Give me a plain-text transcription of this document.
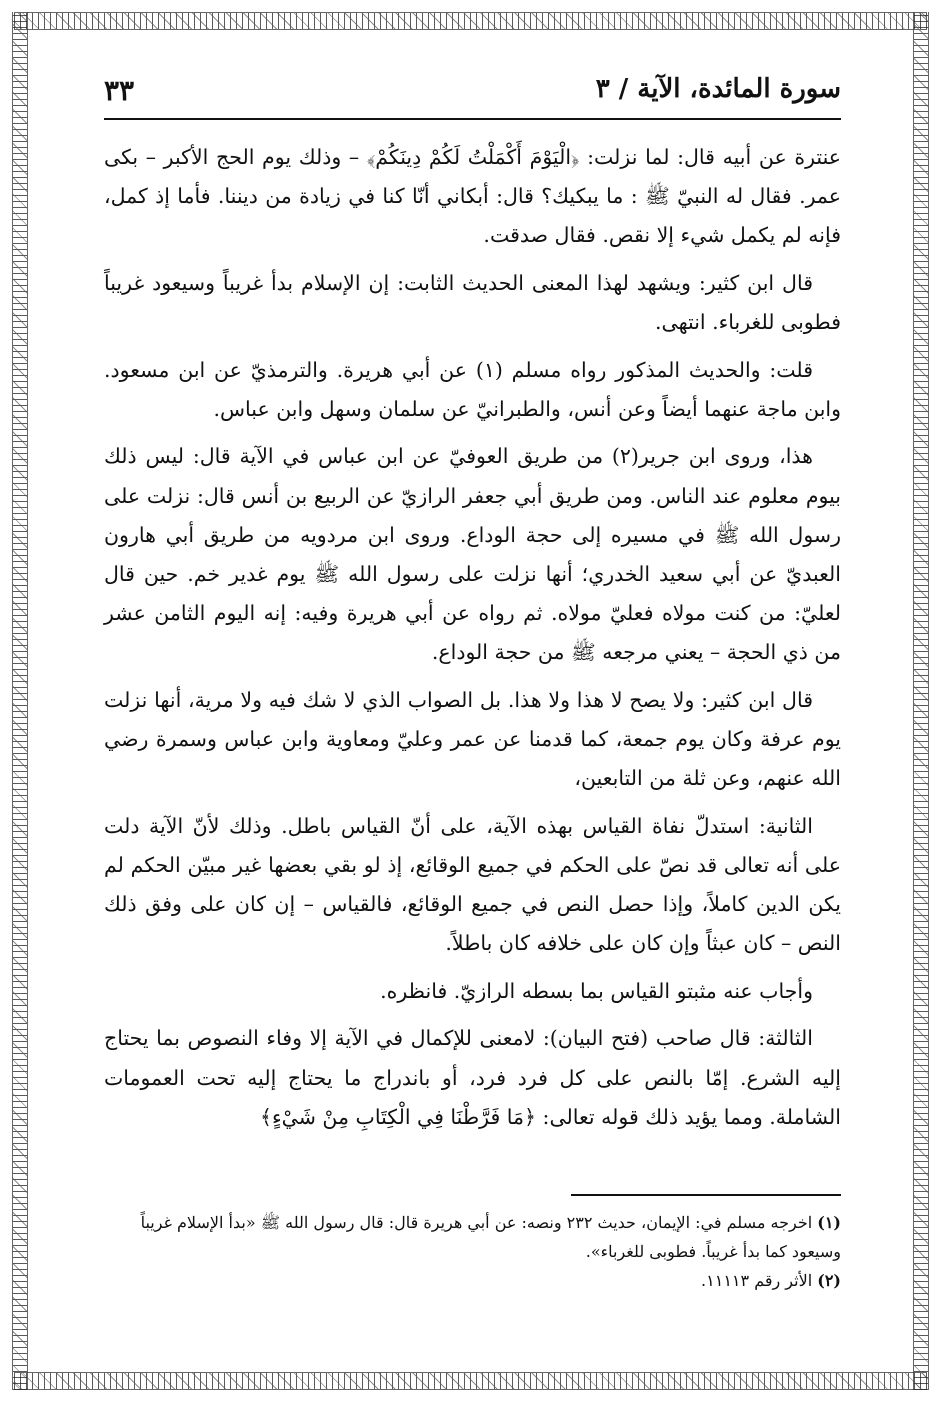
سورة المائدة، الآية / ٣
٣٣

عنترة عن أبيه قال: لما نزلت: ﴿الْيَوْمَ أَكْمَلْتُ لَكُمْ دِينَكُمْ﴾ – وذلك يوم الحج الأكبر – بكى عمر. فقال له النبيّ ﷺ : ما يبكيك؟ قال: أبكاني أنّا كنا في زيادة من ديننا. فأما إذ كمل، فإنه لم يكمل شيء إلا نقص. فقال صدقت.

قال ابن كثير: ويشهد لهذا المعنى الحديث الثابت: إن الإسلام بدأ غريباً وسيعود غريباً فطوبى للغرباء. انتهى.

قلت: والحديث المذكور رواه مسلم (١) عن أبي هريرة. والترمذيّ عن ابن مسعود. وابن ماجة عنهما أيضاً وعن أنس، والطبرانيّ عن سلمان وسهل وابن عباس.

هذا، وروى ابن جرير(٢) من طريق العوفيّ عن ابن عباس في الآية قال: ليس ذلك بيوم معلوم عند الناس. ومن طريق أبي جعفر الرازيّ عن الربيع بن أنس قال: نزلت على رسول الله ﷺ في مسيره إلى حجة الوداع. وروى ابن مردويه من طريق أبي هارون العبديّ عن أبي سعيد الخدري؛ أنها نزلت على رسول الله ﷺ يوم غدير خم. حين قال لعليّ: من كنت مولاه فعليّ مولاه. ثم رواه عن أبي هريرة وفيه: إنه اليوم الثامن عشر من ذي الحجة – يعني مرجعه ﷺ من حجة الوداع.

قال ابن كثير: ولا يصح لا هذا ولا هذا. بل الصواب الذي لا شك فيه ولا مرية، أنها نزلت يوم عرفة وكان يوم جمعة، كما قدمنا عن عمر وعليّ ومعاوية وابن عباس وسمرة رضي الله عنهم، وعن ثلة من التابعين،

الثانية: استدلّ نفاة القياس بهذه الآية، على أنّ القياس باطل. وذلك لأنّ الآية دلت على أنه تعالى قد نصّ على الحكم في جميع الوقائع، إذ لو بقي بعضها غير مبيّن الحكم لم يكن الدين كاملاً، وإذا حصل النص في جميع الوقائع، فالقياس – إن كان على وفق ذلك النص – كان عبثاً وإن كان على خلافه كان باطلاً.

وأجاب عنه مثبتو القياس بما بسطه الرازيّ. فانظره.

الثالثة: قال صاحب (فتح البيان): لامعنى للإكمال في الآية إلا وفاء النصوص بما يحتاج إليه الشرع. إمّا بالنص على كل فرد فرد، أو باندراج ما يحتاج إليه تحت العمومات الشاملة. ومما يؤيد ذلك قوله تعالى: ﴿مَا فَرَّطْنَا فِي الْكِتَابِ مِنْ شَيْءٍ﴾

(١) اخرجه مسلم في: الإيمان، حديث ٢٣٢ ونصه: عن أبي هريرة قال: قال رسول الله ﷺ «بدأ الإسلام غريباً وسيعود كما بدأ غريباً. فطوبى للغرباء».

(٢) الأثر رقم ١١١١٣.
